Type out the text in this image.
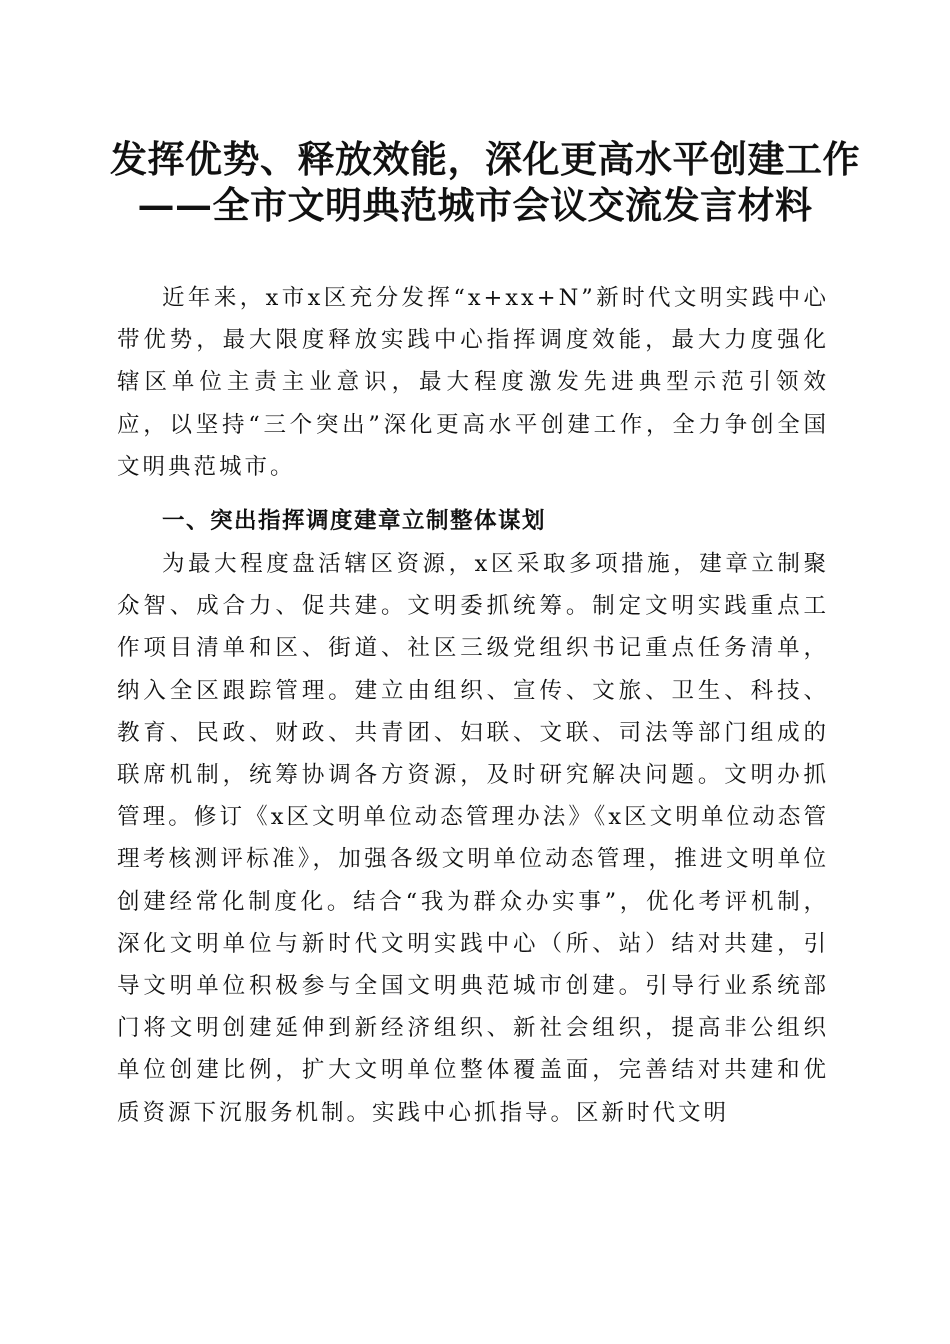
发挥优势、释放效能，深化更高水平创建工作
——全市文明典范城市会议交流发言材料

近年来，x市x区充分发挥“x+xx+N”新时代文明实践中心带优势，最大限度释放实践中心指挥调度效能，最大力度强化辖区单位主责主业意识，最大程度激发先进典型示范引领效应，以坚持“三个突出”深化更高水平创建工作，全力争创全国文明典范城市。

一、突出指挥调度建章立制整体谋划

为最大程度盘活辖区资源，x区采取多项措施，建章立制聚众智、成合力、促共建。文明委抓统筹。制定文明实践重点工作项目清单和区、街道、社区三级党组织书记重点任务清单，纳入全区跟踪管理。建立由组织、宣传、文旅、卫生、科技、教育、民政、财政、共青团、妇联、文联、司法等部门组成的联席机制，统筹协调各方资源，及时研究解决问题。文明办抓管理。修订《x区文明单位动态管理办法》《x区文明单位动态管理考核测评标准》，加强各级文明单位动态管理，推进文明单位创建经常化制度化。结合“我为群众办实事”，优化考评机制，深化文明单位与新时代文明实践中心（所、站）结对共建，引导文明单位积极参与全国文明典范城市创建。引导行业系统部门将文明创建延伸到新经济组织、新社会组织，提高非公组织单位创建比例，扩大文明单位整体覆盖面，完善结对共建和优质资源下沉服务机制。实践中心抓指导。区新时代文明
